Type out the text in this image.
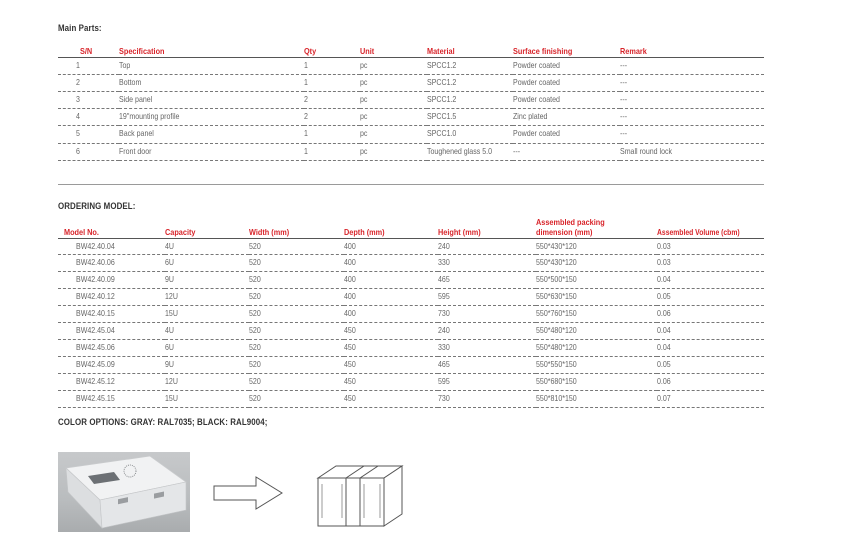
Main Parts:
S/N	Specification	Qty	Unit	Material	Surface finishing	Remark
1	Top	1	pc	SPCC1.2	Powder coated	---
2	Bottom	1	pc	SPCC1.2	Powder coated	---
3	Side panel	2	pc	SPCC1.2	Powder coated	---
4	19"mounting profile	2	pc	SPCC1.5	Zinc plated	---
5	Back panel	1	pc	SPCC1.0	Powder coated	---
6	Front door	1	pc	Toughened glass 5.0	---	Small round lock
ORDERING MODEL:
Model No.	Capacity	Width (mm)	Depth (mm)	Height (mm)	Assembled packing dimension (mm)	Assembled Volume (cbm)
BW42.40.04	4U	520	400	240	550*430*120	0.03
BW42.40.06	6U	520	400	330	550*430*120	0.03
BW42.40.09	9U	520	400	465	550*500*150	0.04
BW42.40.12	12U	520	400	595	550*630*150	0.05
BW42.40.15	15U	520	400	730	550*760*150	0.06
BW42.45.04	4U	520	450	240	550*480*120	0.04
BW42.45.06	6U	520	450	330	550*480*120	0.04
BW42.45.09	9U	520	450	465	550*550*150	0.05
BW42.45.12	12U	520	450	595	550*680*150	0.06
BW42.45.15	15U	520	450	730	550*810*150	0.07
COLOR OPTIONS: GRAY: RAL7035; BLACK: RAL9004;
